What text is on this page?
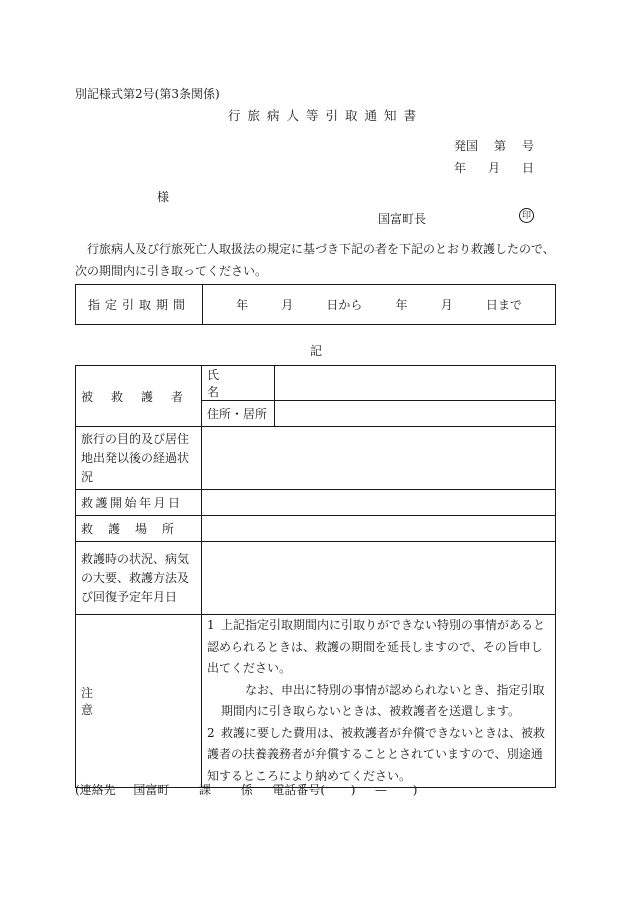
別記様式第2号(第3条関係)
行旅病人等引取通知書
発国 第 号
年 月 日
様
国富町長	印
　行旅病人及び行旅死亡人取扱法の規定に基づき下記の者を下記のとおり救護したので、次の期間内に引き取ってください。
指定引取期間	年	月	日から	年	月	日まで
記
被救護者	氏名	
	住所・居所	
旅行の目的及び居住地出発以後の経過状況		
救護開始年月日		
救護場所		
救護時の状況、病気の大要、救護方法及び回復予定年月日		
注意	1 上記指定引取期間内に引取りができない特別の事情があると認められるときは、救護の期間を延長しますので、その旨申し出てください。

　　なお、申出に特別の事情が認められないとき、指定引取期間内に引き取らないときは、被救護者を送還します。

2 救護に要した費用は、被救護者が弁償できないときは、被救護者の扶養義務者が弁償することとされていますので、別途通知するところにより納めてください。	

(連絡先 国富町 課 係 電話番号( ) — )
